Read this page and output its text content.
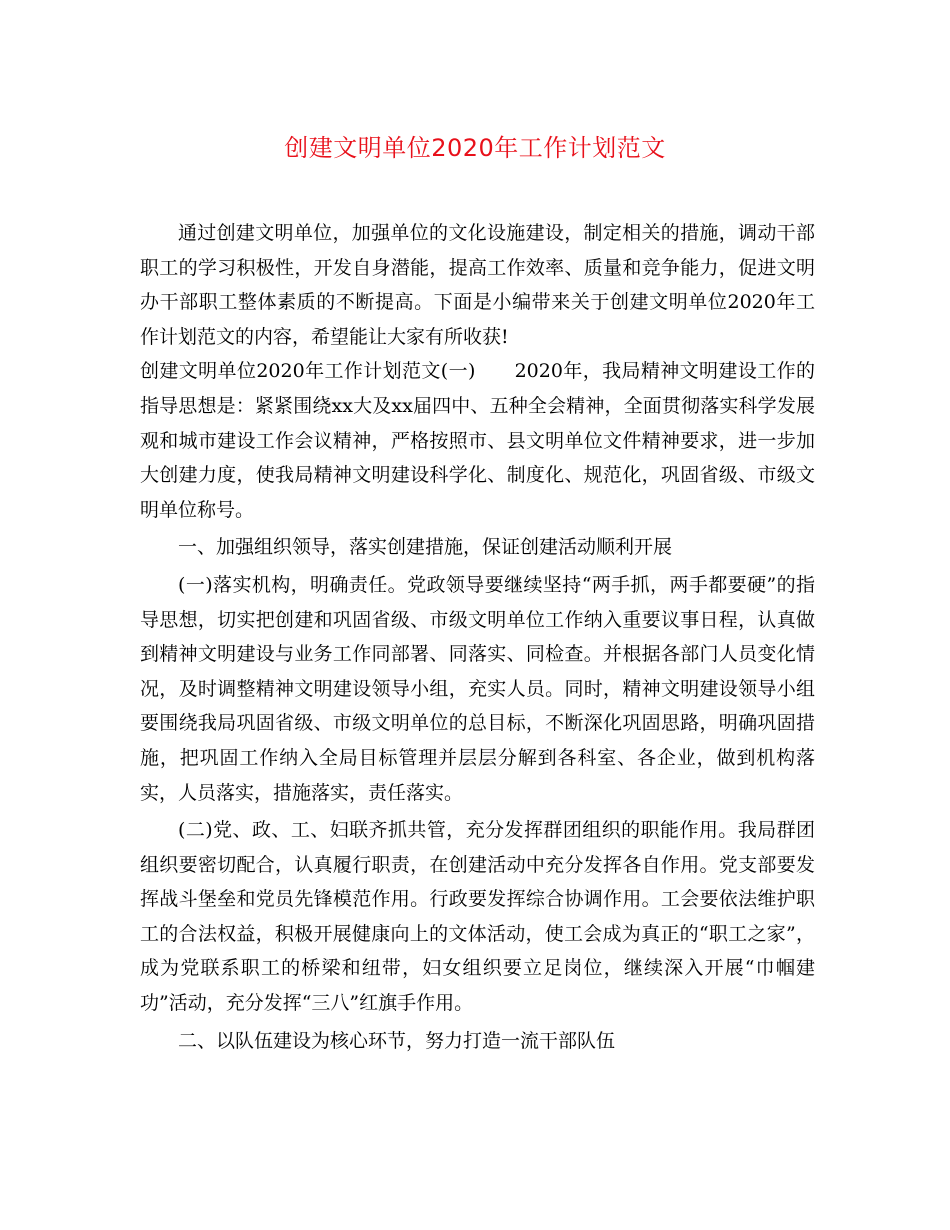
创建文明单位2020年工作计划范文

通过创建文明单位，加强单位的文化设施建设，制定相关的措施，调动干部职工的学习积极性，开发自身潜能，提高工作效率、质量和竞争能力，促进文明办干部职工整体素质的不断提高。下面是小编带来关于创建文明单位2020年工作计划范文的内容，希望能让大家有所收获!

创建文明单位2020年工作计划范文(一)　　2020年，我局精神文明建设工作的指导思想是：紧紧围绕xx大及xx届四中、五种全会精神，全面贯彻落实科学发展观和城市建设工作会议精神，严格按照市、县文明单位文件精神要求，进一步加大创建力度，使我局精神文明建设科学化、制度化、规范化，巩固省级、市级文明单位称号。

一、加强组织领导，落实创建措施，保证创建活动顺利开展

(一)落实机构，明确责任。党政领导要继续坚持“两手抓，两手都要硬”的指导思想，切实把创建和巩固省级、市级文明单位工作纳入重要议事日程，认真做到精神文明建设与业务工作同部署、同落实、同检查。并根据各部门人员变化情况，及时调整精神文明建设领导小组，充实人员。同时，精神文明建设领导小组要围绕我局巩固省级、市级文明单位的总目标，不断深化巩固思路，明确巩固措施，把巩固工作纳入全局目标管理并层层分解到各科室、各企业，做到机构落实，人员落实，措施落实，责任落实。

(二)党、政、工、妇联齐抓共管，充分发挥群团组织的职能作用。我局群团组织要密切配合，认真履行职责，在创建活动中充分发挥各自作用。党支部要发挥战斗堡垒和党员先锋模范作用。行政要发挥综合协调作用。工会要依法维护职工的合法权益，积极开展健康向上的文体活动，使工会成为真正的“职工之家”，成为党联系职工的桥梁和纽带，妇女组织要立足岗位，继续深入开展“巾帼建功”活动，充分发挥“三八”红旗手作用。

二、以队伍建设为核心环节，努力打造一流干部队伍
